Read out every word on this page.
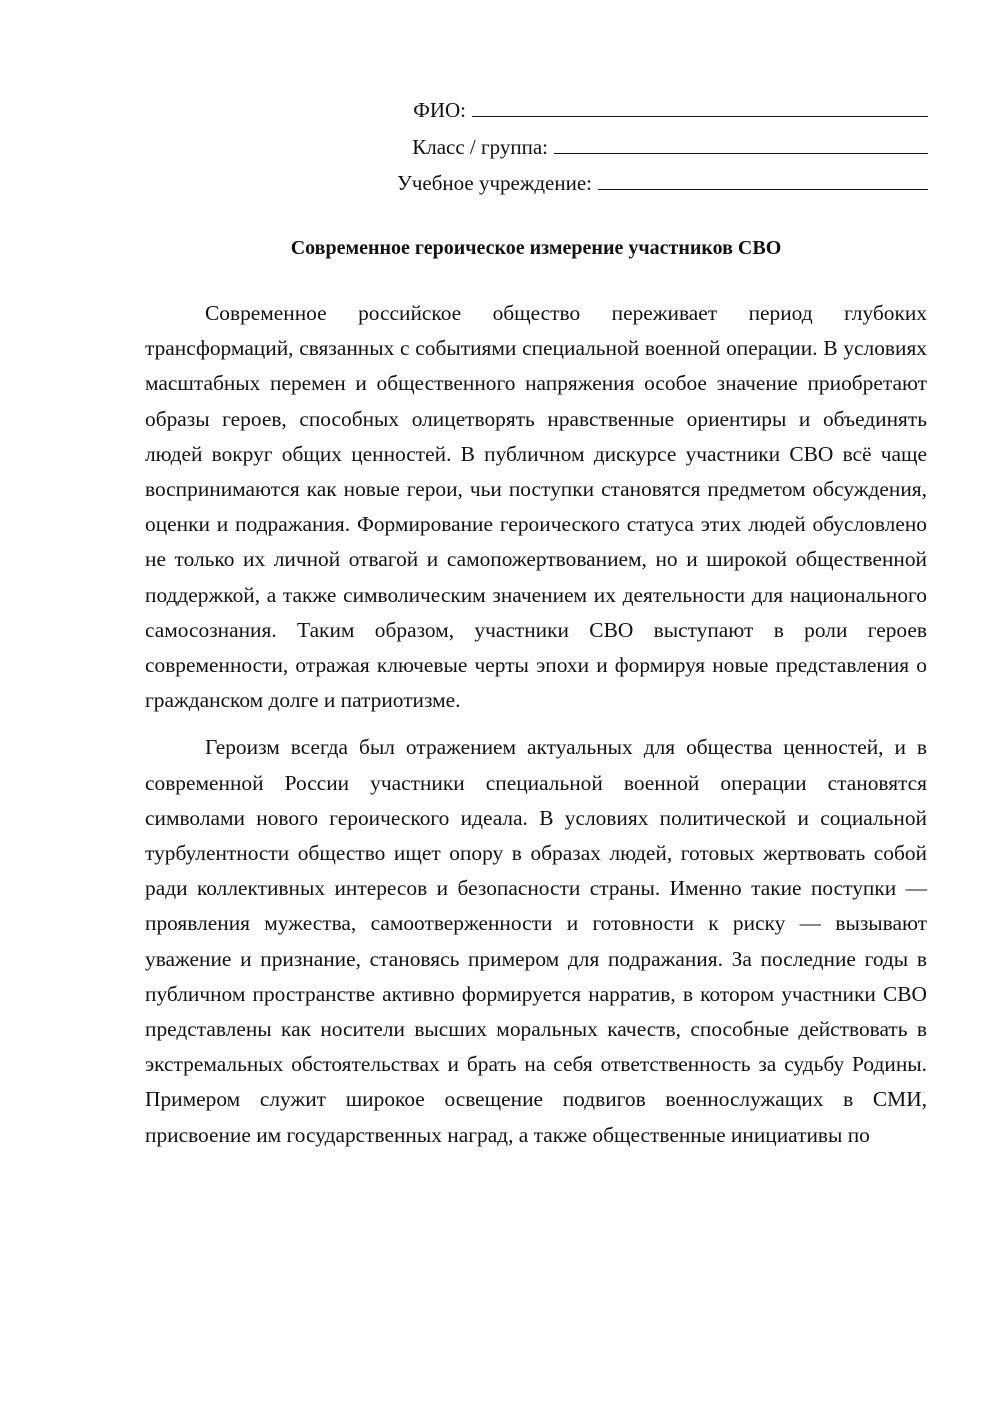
ФИО:
Класс / группа:
Учебное учреждение:
Современное героическое измерение участников СВО

Современное российское общество переживает период глубоких трансформаций, связанных с событиями специальной военной операции. В условиях масштабных перемен и общественного напряжения особое значение приобретают образы героев, способных олицетворять нравственные ориентиры и объединять людей вокруг общих ценностей. В публичном дискурсе участники СВО всё чаще воспринимаются как новые герои, чьи поступки становятся предметом обсуждения, оценки и подражания. Формирование героического статуса этих людей обусловлено не только их личной отвагой и самопожертвованием, но и широкой общественной поддержкой, а также символическим значением их деятельности для национального самосознания. Таким образом, участники СВО выступают в роли героев современности, отражая ключевые черты эпохи и формируя новые представления о гражданском долге и патриотизме.

Героизм всегда был отражением актуальных для общества ценностей, и в современной России участники специальной военной операции становятся символами нового героического идеала. В условиях политической и социальной турбулентности общество ищет опору в образах людей, готовых жертвовать собой ради коллективных интересов и безопасности страны. Именно такие поступки — проявления мужества, самоотверженности и готовности к риску — вызывают уважение и признание, становясь примером для подражания. За последние годы в публичном пространстве активно формируется нарратив, в котором участники СВО представлены как носители высших моральных качеств, способные действовать в экстремальных обстоятельствах и брать на себя ответственность за судьбу Родины. Примером служит широкое освещение подвигов военнослужащих в СМИ, присвоение им государственных наград, а также общественные инициативы по
